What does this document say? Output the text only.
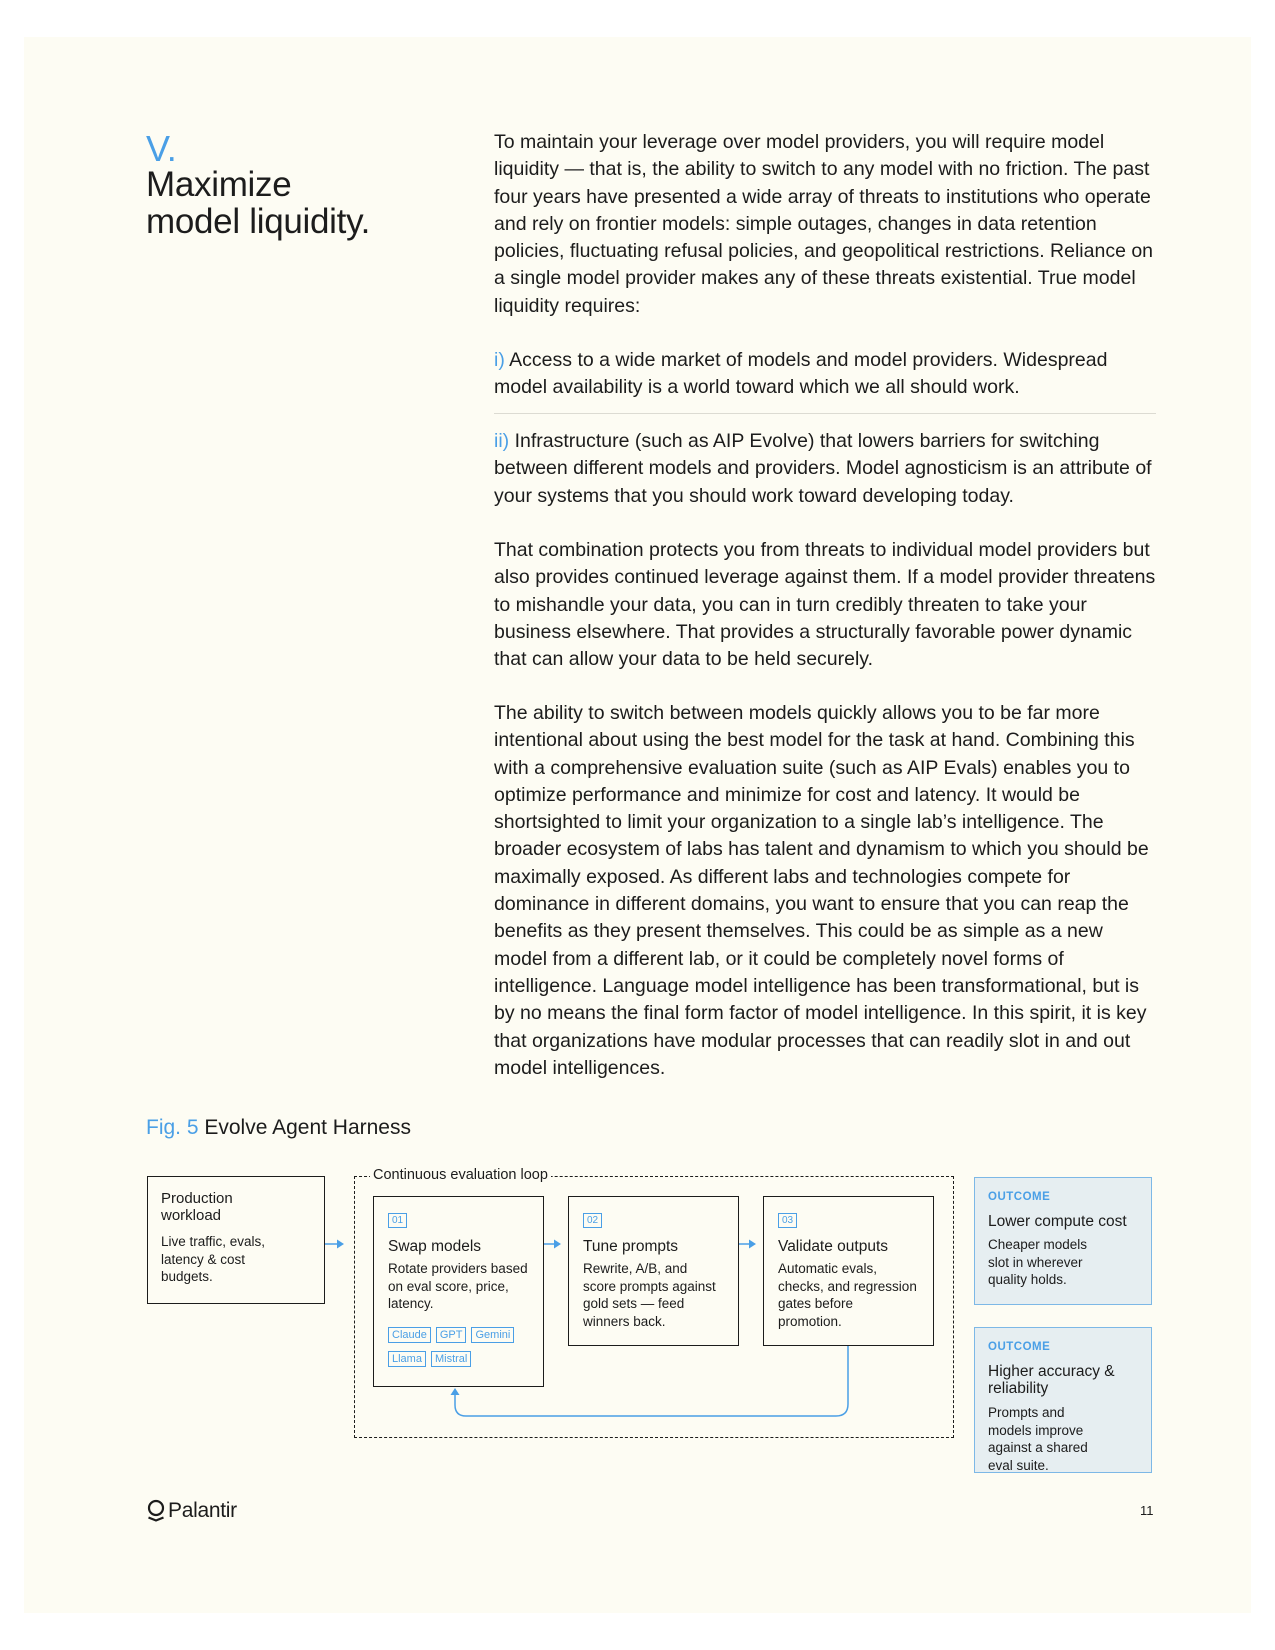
V.
Maximize
model liquidity.

To maintain your leverage over model providers, you will require model liquidity — that is, the ability to switch to any model with no friction. The past four years have presented a wide array of threats to institutions who operate and rely on frontier models: simple outages, changes in data retention policies, fluctuating refusal policies, and geopolitical restrictions. Reliance on a single model provider makes any of these threats existential. True model liquidity requires:

i) Access to a wide market of models and model providers. Widespread model availability is a world toward which we all should work.

ii) Infrastructure (such as AIP Evolve) that lowers barriers for switching between different models and providers. Model agnosticism is an attribute of your systems that you should work toward developing today.

That combination protects you from threats to individual model providers but also provides continued leverage against them. If a model provider threatens to mishandle your data, you can in turn credibly threaten to take your business elsewhere. That provides a structurally favorable power dynamic that can allow your data to be held securely.

The ability to switch between models quickly allows you to be far more intentional about using the best model for the task at hand. Combining this with a comprehensive evaluation suite (such as AIP Evals) enables you to optimize performance and minimize for cost and latency. It would be shortsighted to limit your organization to a single lab’s intelligence. The broader ecosystem of labs has talent and dynamism to which you should be maximally exposed. As different labs and technologies compete for dominance in different domains, you want to ensure that you can reap the benefits as they present themselves. This could be as simple as a new model from a different lab, or it could be completely novel forms of intelligence. Language model intelligence has been transformational, but is by no means the final form factor of model intelligence. In this spirit, it is key that organizations have modular processes that can readily slot in and out model intelligences.

Fig. 5 Evolve Agent Harness
Continuous evaluation loop
Production workload
Live traffic, evals, latency & cost budgets.
01
Swap models
Rotate providers based on eval score, price, latency.
Claude GPT GeminiLlama Mistral
02
Tune prompts
Rewrite, A/B, and score prompts against gold sets — feed winners back.
03
Validate outputs
Automatic evals, checks, and regression gates before promotion.
OUTCOME
Lower compute cost
Cheaper models slot in wherever quality holds.
OUTCOME
Higher accuracy & reliability
Prompts and models improve against a shared eval suite.
Palantir	11
